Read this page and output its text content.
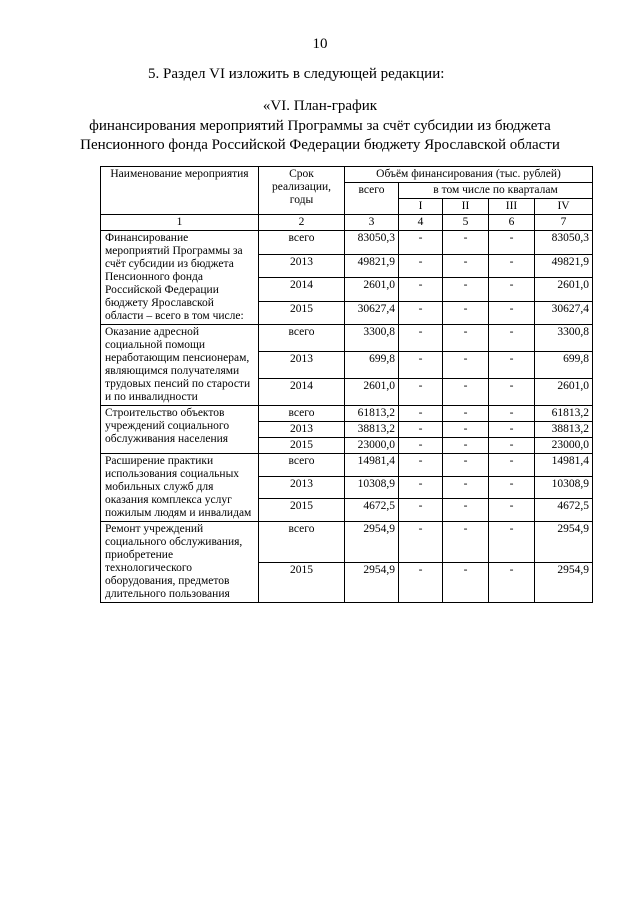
10
5. Раздел VI изложить в следующей редакции:
«VI. План-график
финансирования мероприятий Программы за счёт субсидии из бюджета
Пенсионного фонда Российской Федерации бюджету Ярославской области
Наименование мероприятия	Срок реализации, годы	Объём финансирования (тыс. рублей)				
		всего	в том числе по кварталам			
			I	II	III	IV
1	2	3	4	5	6	7
Финансирование мероприятий Программы за счёт субсидии из бюджета Пенсионного фонда Российской Федерации бюджету Ярославской области – всего в том числе:	всего	83050,3	-	-	-	83050,3
	2013	49821,9	-	-	-	49821,9
	2014	2601,0	-	-	-	2601,0
	2015	30627,4	-	-	-	30627,4
Оказание адресной социальной помощи неработающим пенсионерам, являющимся получателями трудовых пенсий по старости и по инвалидности	всего	3300,8	-	-	-	3300,8
	2013	699,8	-	-	-	699,8
	2014	2601,0	-	-	-	2601,0
Строительство объектов учреждений социального обслуживания населения	всего	61813,2	-	-	-	61813,2
	2013	38813,2	-	-	-	38813,2
	2015	23000,0	-	-	-	23000,0
Расширение практики использования социальных мобильных служб для оказания комплекса услуг пожилым людям и инвалидам	всего	14981,4	-	-	-	14981,4
	2013	10308,9	-	-	-	10308,9
	2015	4672,5	-	-	-	4672,5
Ремонт учреждений социального обслуживания, приобретение технологического оборудования, предметов длительного пользования	всего	2954,9	-	-	-	2954,9
	2015	2954,9	-	-	-	2954,9
